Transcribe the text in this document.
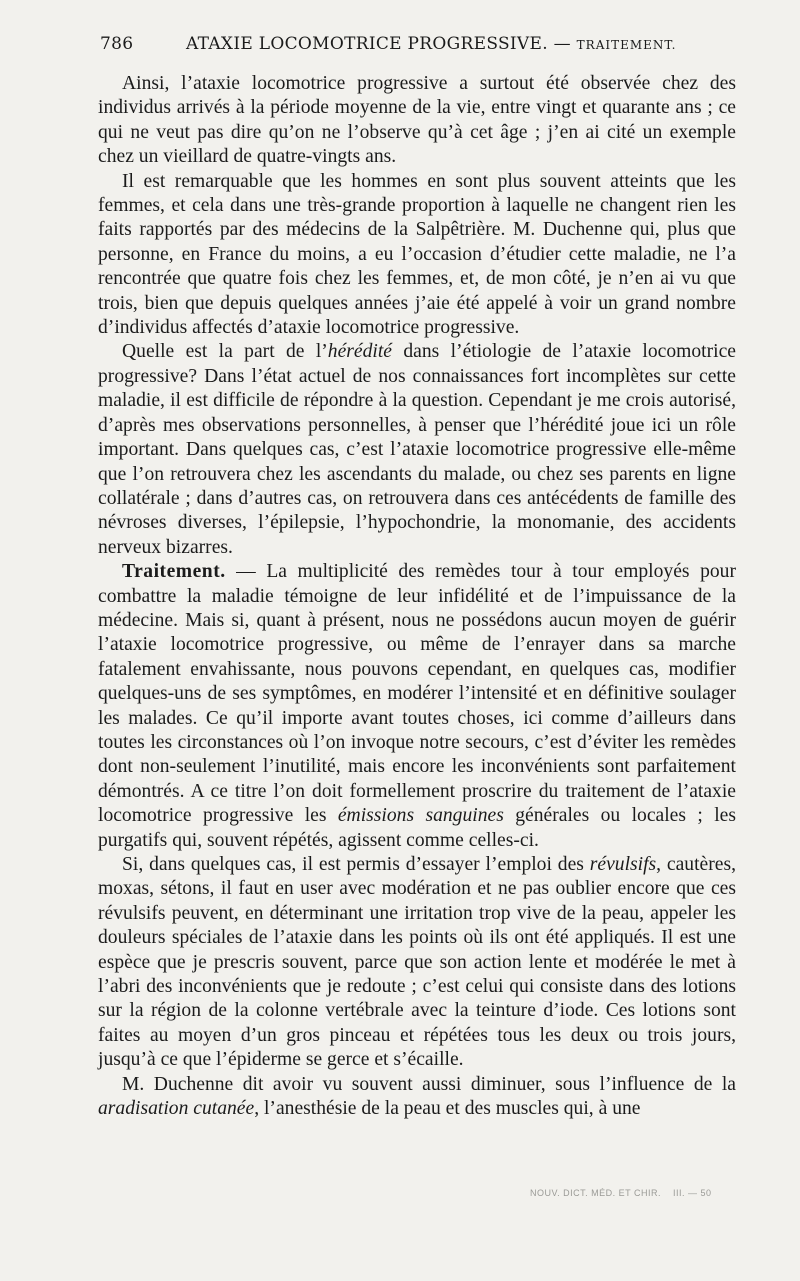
786	ATAXIE LOCOMOTRICE PROGRESSIVE. — TRAITEMENT.

Ainsi, l’ataxie locomotrice progressive a surtout été observée chez des individus arrivés à la période moyenne de la vie, entre vingt et quarante ans ; ce qui ne veut pas dire qu’on ne l’observe qu’à cet âge ; j’en ai cité un exemple chez un vieillard de quatre-vingts ans.

Il est remarquable que les hommes en sont plus souvent atteints que les femmes, et cela dans une très-grande proportion à laquelle ne changent rien les faits rapportés par des médecins de la Salpêtrière. M. Duchenne qui, plus que personne, en France du moins, a eu l’occasion d’étudier cette maladie, ne l’a rencontrée que quatre fois chez les femmes, et, de mon côté, je n’en ai vu que trois, bien que depuis quelques années j’aie été appelé à voir un grand nombre d’individus affectés d’ataxie locomotrice progressive.

Quelle est la part de l’hérédité dans l’étiologie de l’ataxie locomotrice progressive? Dans l’état actuel de nos connaissances fort incomplètes sur cette maladie, il est difficile de répondre à la question. Cependant je me crois autorisé, d’après mes observations personnelles, à penser que l’hérédité joue ici un rôle important. Dans quelques cas, c’est l’ataxie locomotrice progressive elle-même que l’on retrouvera chez les ascendants du malade, ou chez ses parents en ligne collatérale ; dans d’autres cas, on retrouvera dans ces antécédents de famille des névroses diverses, l’épilepsie, l’hypochondrie, la monomanie, des accidents nerveux bizarres.

Traitement. — La multiplicité des remèdes tour à tour employés pour combattre la maladie témoigne de leur infidélité et de l’impuissance de la médecine. Mais si, quant à présent, nous ne possédons aucun moyen de guérir l’ataxie locomotrice progressive, ou même de l’enrayer dans sa marche fatalement envahissante, nous pouvons cependant, en quelques cas, modifier quelques-uns de ses symptômes, en modérer l’intensité et en définitive soulager les malades. Ce qu’il importe avant toutes choses, ici comme d’ailleurs dans toutes les circonstances où l’on invoque notre secours, c’est d’éviter les remèdes dont non-seulement l’inutilité, mais encore les inconvénients sont parfaitement démontrés. A ce titre l’on doit formellement proscrire du traitement de l’ataxie locomotrice progressive les émissions sanguines générales ou locales ; les purgatifs qui, souvent répétés, agissent comme celles-ci.

Si, dans quelques cas, il est permis d’essayer l’emploi des révulsifs, cautères, moxas, sétons, il faut en user avec modération et ne pas oublier encore que ces révulsifs peuvent, en déterminant une irritation trop vive de la peau, appeler les douleurs spéciales de l’ataxie dans les points où ils ont été appliqués. Il est une espèce que je prescris souvent, parce que son action lente et modérée le met à l’abri des inconvénients que je redoute ; c’est celui qui consiste dans des lotions sur la région de la colonne vertébrale avec la teinture d’iode. Ces lotions sont faites au moyen d’un gros pinceau et répétées tous les deux ou trois jours, jusqu’à ce que l’épiderme se gerce et s’écaille.

M. Duchenne dit avoir vu souvent aussi diminuer, sous l’influence de la aradisation cutanée, l’anesthésie de la peau et des muscles qui, à une

NOUV. DICT. MÉD. ET CHIR. III. — 50
